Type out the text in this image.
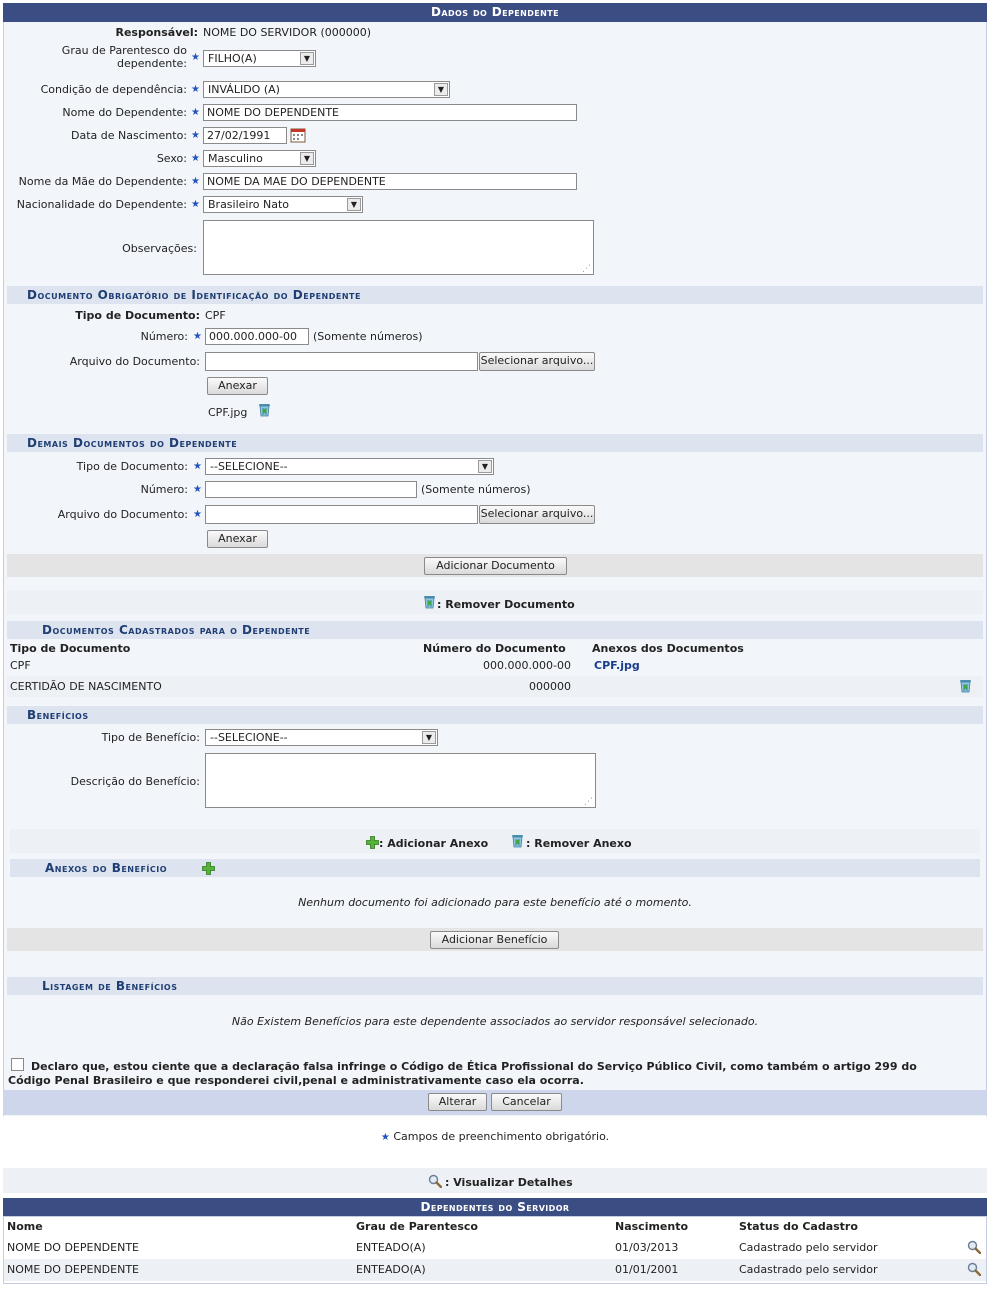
Dados do Dependente
Responsável: NOME DO SERVIDOR (000000)
Grau de Parentesco do
dependente: ★ FILHO(A)	▼
Condição de dependência: ★ INVÁLIDO (A)	▼
Nome do Dependente: ★ NOME DO DEPENDENTE
Data de Nascimento: ★ 27/02/1991
Sexo: ★ Masculino	▼
Nome da Mãe do Dependente: ★ NOME DA MAE DO DEPENDENTE
Nacionalidade do Dependente: ★ Brasileiro Nato	▼
Observações:
⋰
Documento Obrigatório de Identificação do Dependente
Tipo de Documento: CPF
Número: ★ 000.000.000-00	(Somente números)
Arquivo do Documento:	Selecionar arquivo...
Anexar
CPF.jpg
Demais Documentos do Dependente
Tipo de Documento: ★ --SELECIONE--	▼
Número: ★	(Somente números)
Arquivo do Documento: ★	Selecionar arquivo...
Anexar
Adicionar Documento
: Remover Documento
Documentos Cadastrados para o Dependente
Tipo de Documento	Número do Documento Anexos dos Documentos
CPF	000.000.000-00 CPF.jpg
CERTIDÃO DE NASCIMENTO	000000
Benefícios
Tipo de Benefício: --SELECIONE--	▼
Descrição do Benefício:
⋰
: Adicionar Anexo	: Remover Anexo
Anexos do Benefício
Nenhum documento foi adicionado para este benefício até o momento.
Adicionar Benefício
Listagem de Benefícios
Não Existem Benefícios para este dependente associados ao servidor responsável selecionado.
Declaro que, estou ciente que a declaração falsa infringe o Código de Ética Profissional do Serviço Público Civil, como também o artigo 299 do
Código Penal Brasileiro e que responderei civil,penal e administrativamente caso ela ocorra.
Alterar	Cancelar
★ Campos de preenchimento obrigatório.
: Visualizar Detalhes
Dependentes do Servidor
Nome	Grau de Parentesco	Nascimento	Status do Cadastro
NOME DO DEPENDENTE	ENTEADO(A)	01/03/2013	Cadastrado pelo servidor
NOME DO DEPENDENTE	ENTEADO(A)	01/01/2001	Cadastrado pelo servidor
